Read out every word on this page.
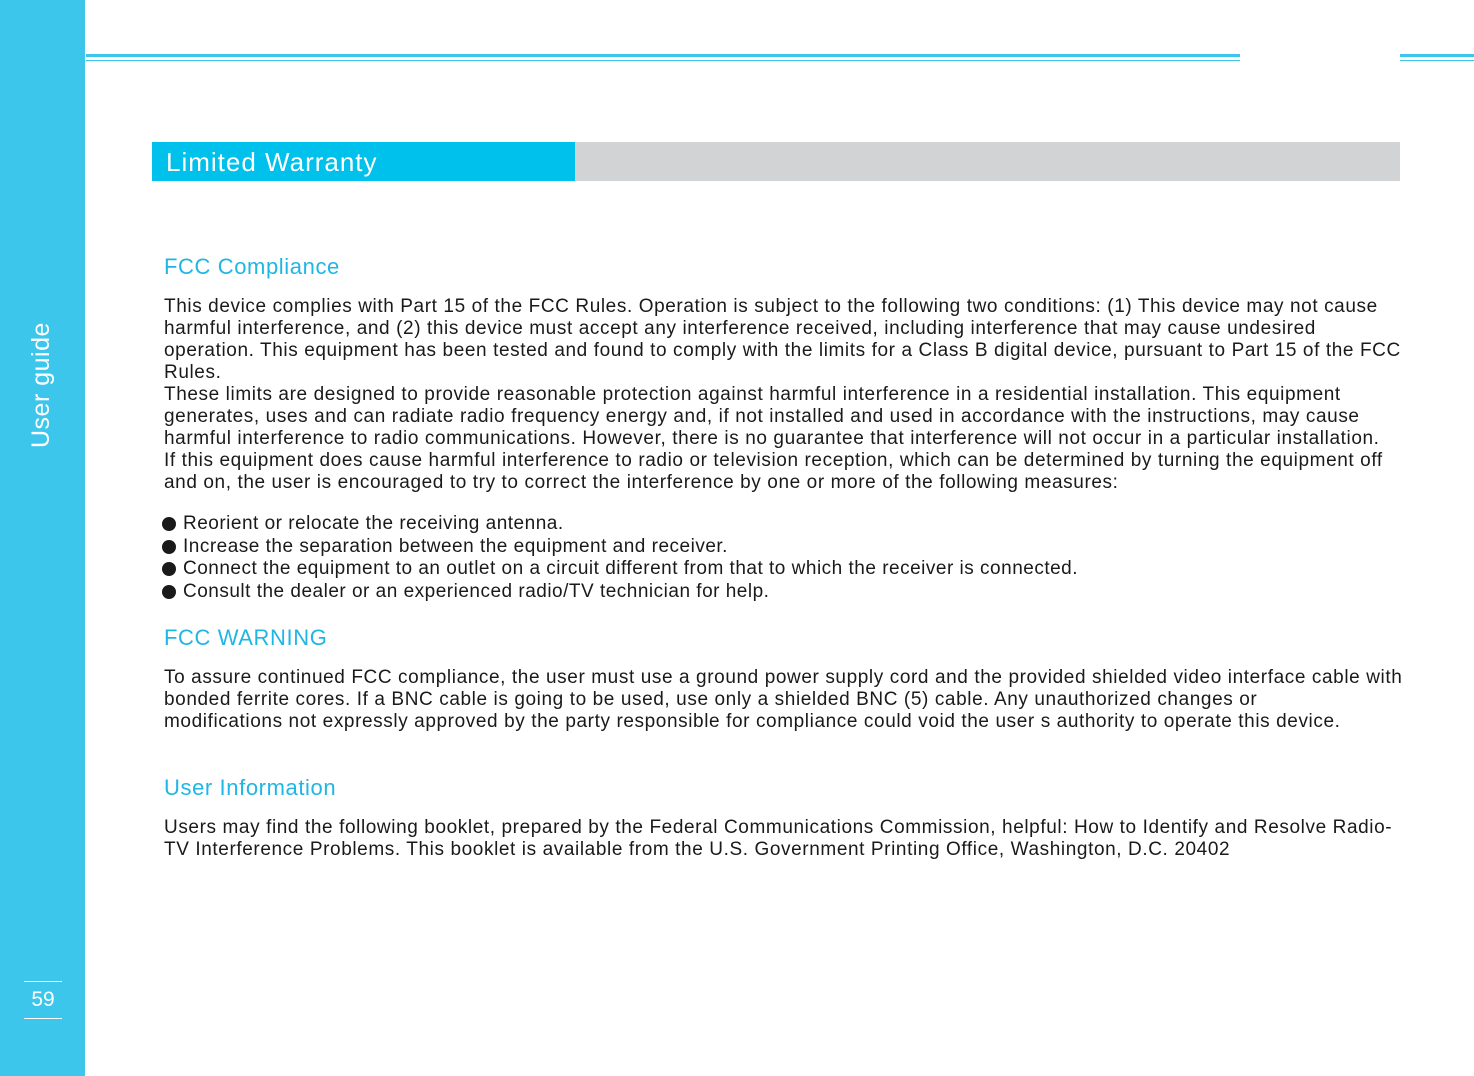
User guide
59
Limited Warranty
FCC Compliance

This device complies with Part 15 of the FCC Rules. Operation is subject to the following two conditions: (1) This device may not cause harmful interference, and (2) this device must accept any interference received, including interference that may cause undesired operation. This equipment has been tested and found to comply with the limits for a Class B digital device, pursuant to Part 15 of the FCC Rules.

These limits are designed to provide reasonable protection against harmful interference in a residential installation. This equipment generates, uses and can radiate radio frequency energy and, if not installed and used in accordance with the instructions, may cause harmful interference to radio communications. However, there is no guarantee that interference will not occur in a particular installation.

If this equipment does cause harmful interference to radio or television reception, which can be determined by turning the equipment off and on, the user is encouraged to try to correct the interference by one or more of the following measures:

Reorient or relocate the receiving antenna.
Increase the separation between the equipment and receiver.
Connect the equipment to an outlet on a circuit different from that to which the receiver is connected.
Consult the dealer or an experienced radio/TV technician for help.
FCC WARNING

To assure continued FCC compliance, the user must use a ground power supply cord and the provided shielded video interface cable with bonded ferrite cores. If a BNC cable is going to be used, use only a shielded BNC (5) cable. Any unauthorized changes or

modifications not expressly approved by the party responsible for compliance could void the user s authority to operate this device.

User Information

Users may find the following booklet, prepared by the Federal Communications Commission, helpful: How to Identify and Resolve Radio-TV Interference Problems. This booklet is available from the U.S. Government Printing Office, Washington, D.C. 20402
